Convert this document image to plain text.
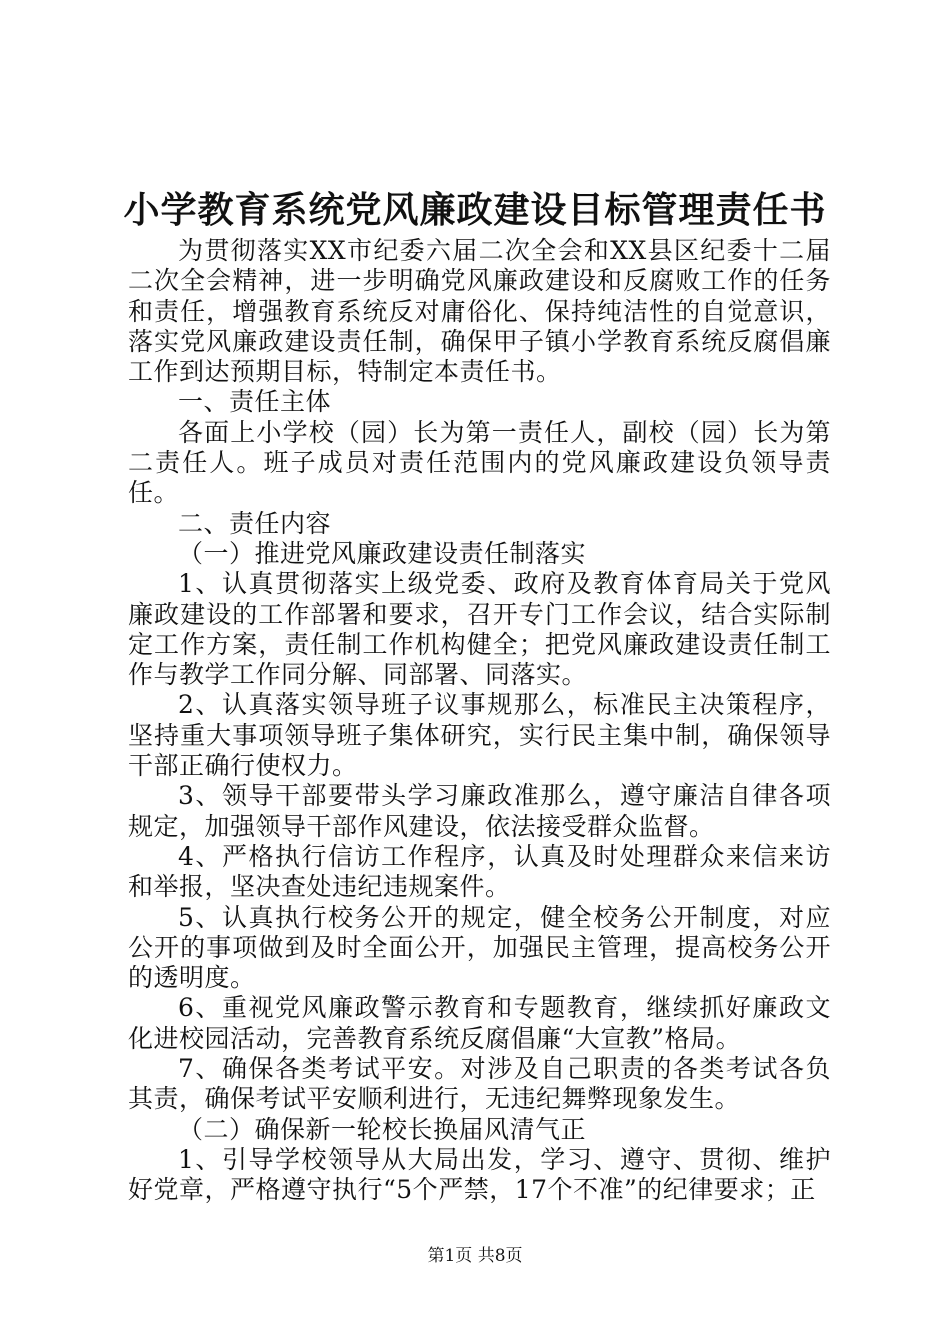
小学教育系统党风廉政建设目标管理责任书

为贯彻落实XX市纪委六届二次全会和XX县区纪委十二届二次全会精神，进一步明确党风廉政建设和反腐败工作的任务和责任，增强教育系统反对庸俗化、保持纯洁性的自觉意识，落实党风廉政建设责任制，确保甲子镇小学教育系统反腐倡廉工作到达预期目标，特制定本责任书。

一、责任主体

各面上小学校（园）长为第一责任人，副校（园）长为第二责任人。班子成员对责任范围内的党风廉政建设负领导责任。

二、责任内容

（一）推进党风廉政建设责任制落实

1、认真贯彻落实上级党委、政府及教育体育局关于党风廉政建设的工作部署和要求，召开专门工作会议，结合实际制定工作方案，责任制工作机构健全；把党风廉政建设责任制工作与教学工作同分解、同部署、同落实。

2、认真落实领导班子议事规那么，标准民主决策程序，坚持重大事项领导班子集体研究，实行民主集中制，确保领导干部正确行使权力。

3、领导干部要带头学习廉政准那么，遵守廉洁自律各项规定，加强领导干部作风建设，依法接受群众监督。

4、严格执行信访工作程序，认真及时处理群众来信来访和举报，坚决查处违纪违规案件。

5、认真执行校务公开的规定，健全校务公开制度，对应公开的事项做到及时全面公开，加强民主管理，提高校务公开的透明度。

6、重视党风廉政警示教育和专题教育，继续抓好廉政文化进校园活动，完善教育系统反腐倡廉“大宣教”格局。

7、确保各类考试平安。对涉及自己职责的各类考试各负其责，确保考试平安顺利进行，无违纪舞弊现象发生。

（二）确保新一轮校长换届风清气正

1、引导学校领导从大局出发，学习、遵守、贯彻、维护好党章，严格遵守执行“5个严禁，17个不准”的纪律要求；正

第1页 共8页
